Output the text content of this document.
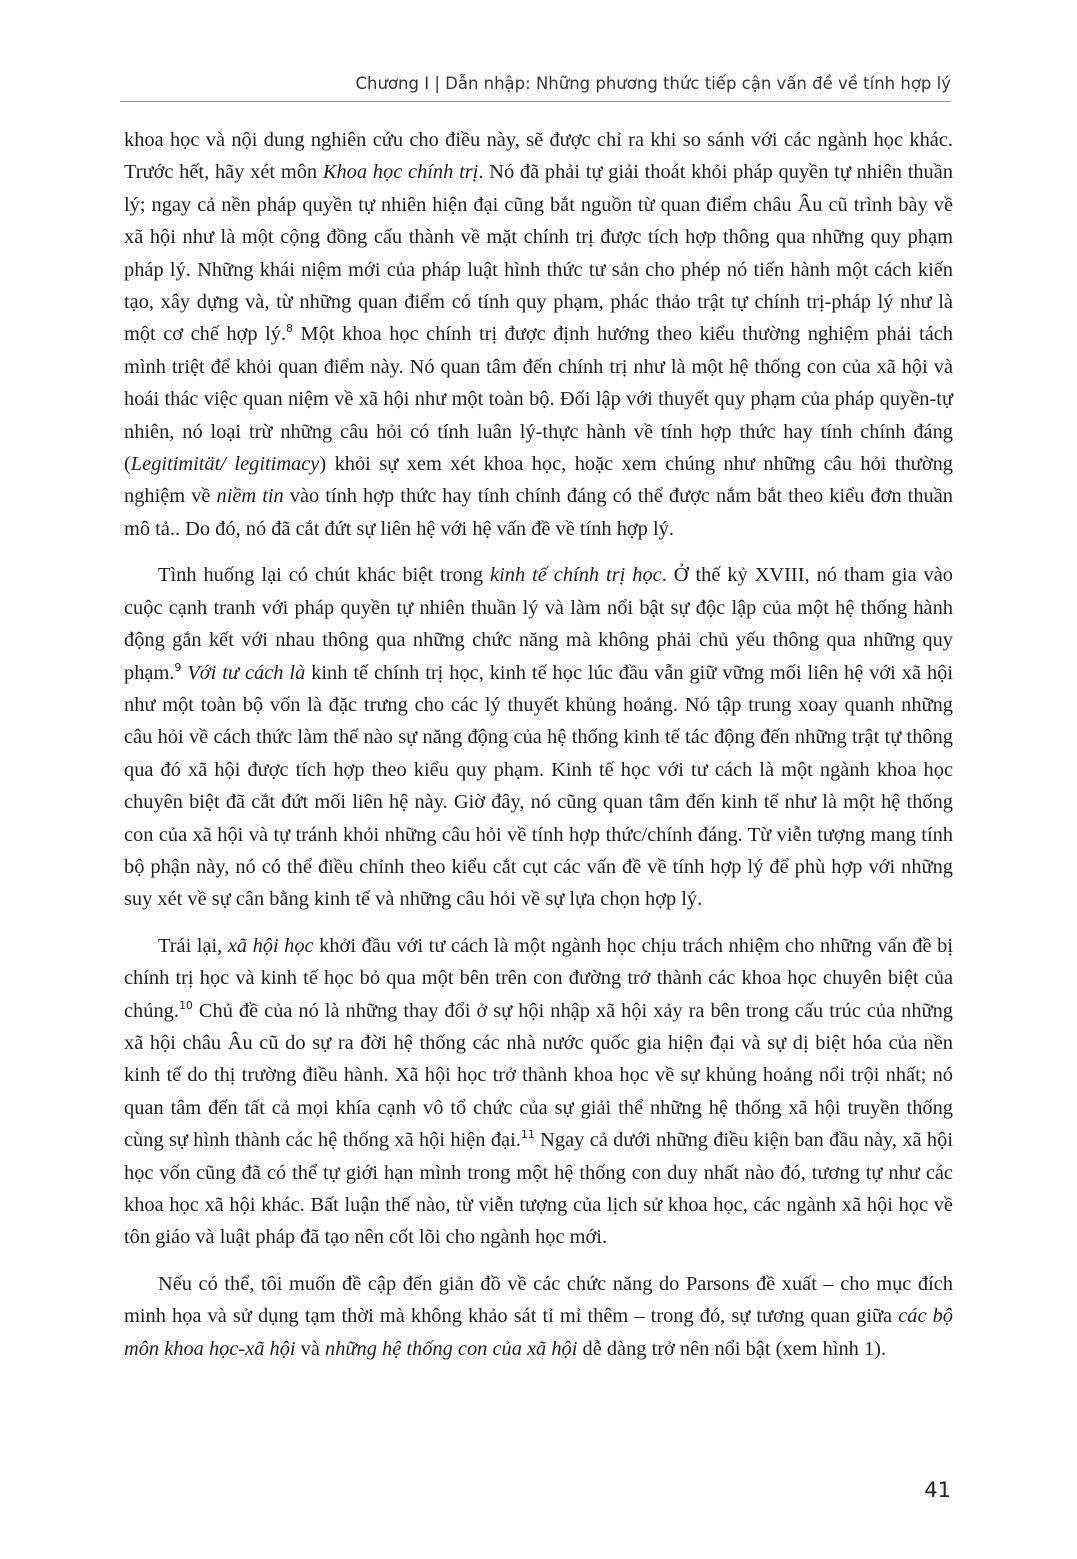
Chương I | Dẫn nhập: Những phương thức tiếp cận vấn đề về tính hợp lý

khoa học và nội dung nghiên cứu cho điều này, sẽ được chỉ ra khi so sánh với các ngành học khác. Trước hết, hãy xét môn Khoa học chính trị. Nó đã phải tự giải thoát khỏi pháp quyền tự nhiên thuần lý; ngay cả nền pháp quyền tự nhiên hiện đại cũng bắt nguồn từ quan điểm châu Âu cũ trình bày về xã hội như là một cộng đồng cấu thành về mặt chính trị được tích hợp thông qua những quy phạm pháp lý. Những khái niệm mới của pháp luật hình thức tư sản cho phép nó tiến hành một cách kiến tạo, xây dựng và, từ những quan điểm có tính quy phạm, phác thảo trật tự chính trị-pháp lý như là một cơ chế hợp lý.$^8$ Một khoa học chính trị được định hướng theo kiểu thường nghiệm phải tách mình triệt để khỏi quan điểm này. Nó quan tâm đến chính trị như là một hệ thống con của xã hội và hoái thác việc quan niệm về xã hội như một toàn bộ. Đối lập với thuyết quy phạm của pháp quyền-tự nhiên, nó loại trừ những câu hỏi có tính luân lý-thực hành về tính hợp thức hay tính chính đáng (Legitimität/ legitimacy) khỏi sự xem xét khoa học, hoặc xem chúng như những câu hỏi thường nghiệm về niềm tin vào tính hợp thức hay tính chính đáng có thể được nắm bắt theo kiểu đơn thuần mô tả.. Do đó, nó đã cắt đứt sự liên hệ với hệ vấn đề về tính hợp lý.

Tình huống lại có chút khác biệt trong kinh tế chính trị học. Ở thế kỷ XVIII, nó tham gia vào cuộc cạnh tranh với pháp quyền tự nhiên thuần lý và làm nổi bật sự độc lập của một hệ thống hành động gắn kết với nhau thông qua những chức năng mà không phải chủ yếu thông qua những quy phạm.$^9$ Với tư cách là kinh tế chính trị học, kinh tế học lúc đầu vẫn giữ vững mối liên hệ với xã hội như một toàn bộ vốn là đặc trưng cho các lý thuyết khủng hoảng. Nó tập trung xoay quanh những câu hỏi về cách thức làm thế nào sự năng động của hệ thống kinh tế tác động đến những trật tự thông qua đó xã hội được tích hợp theo kiểu quy phạm. Kinh tế học với tư cách là một ngành khoa học chuyên biệt đã cắt đứt mối liên hệ này. Giờ đây, nó cũng quan tâm đến kinh tế như là một hệ thống con của xã hội và tự tránh khỏi những câu hỏi về tính hợp thức/chính đáng. Từ viễn tượng mang tính bộ phận này, nó có thể điều chỉnh theo kiểu cắt cụt các vấn đề về tính hợp lý để phù hợp với những suy xét về sự cân bằng kinh tế và những câu hỏi về sự lựa chọn hợp lý.

Trái lại, xã hội học khởi đầu với tư cách là một ngành học chịu trách nhiệm cho những vấn đề bị chính trị học và kinh tế học bỏ qua một bên trên con đường trở thành các khoa học chuyên biệt của chúng.$^{10}$ Chủ đề của nó là những thay đổi ở sự hội nhập xã hội xảy ra bên trong cấu trúc của những xã hội châu Âu cũ do sự ra đời hệ thống các nhà nước quốc gia hiện đại và sự dị biệt hóa của nền kinh tế do thị trường điều hành. Xã hội học trở thành khoa học về sự khủng hoảng nổi trội nhất; nó quan tâm đến tất cả mọi khía cạnh vô tổ chức của sự giải thể những hệ thống xã hội truyền thống cùng sự hình thành các hệ thống xã hội hiện đại.$^{11}$ Ngay cả dưới những điều kiện ban đầu này, xã hội học vốn cũng đã có thể tự giới hạn mình trong một hệ thống con duy nhất nào đó, tương tự như các khoa học xã hội khác. Bất luận thế nào, từ viễn tượng của lịch sử khoa học, các ngành xã hội học về tôn giáo và luật pháp đã tạo nên cốt lõi cho ngành học mới.

Nếu có thể, tôi muốn đề cập đến giản đồ về các chức năng do Parsons đề xuất – cho mục đích minh họa và sử dụng tạm thời mà không khảo sát tỉ mỉ thêm – trong đó, sự tương quan giữa các bộ môn khoa học-xã hội và những hệ thống con của xã hội dễ dàng trở nên nổi bật (xem hình 1).

41
